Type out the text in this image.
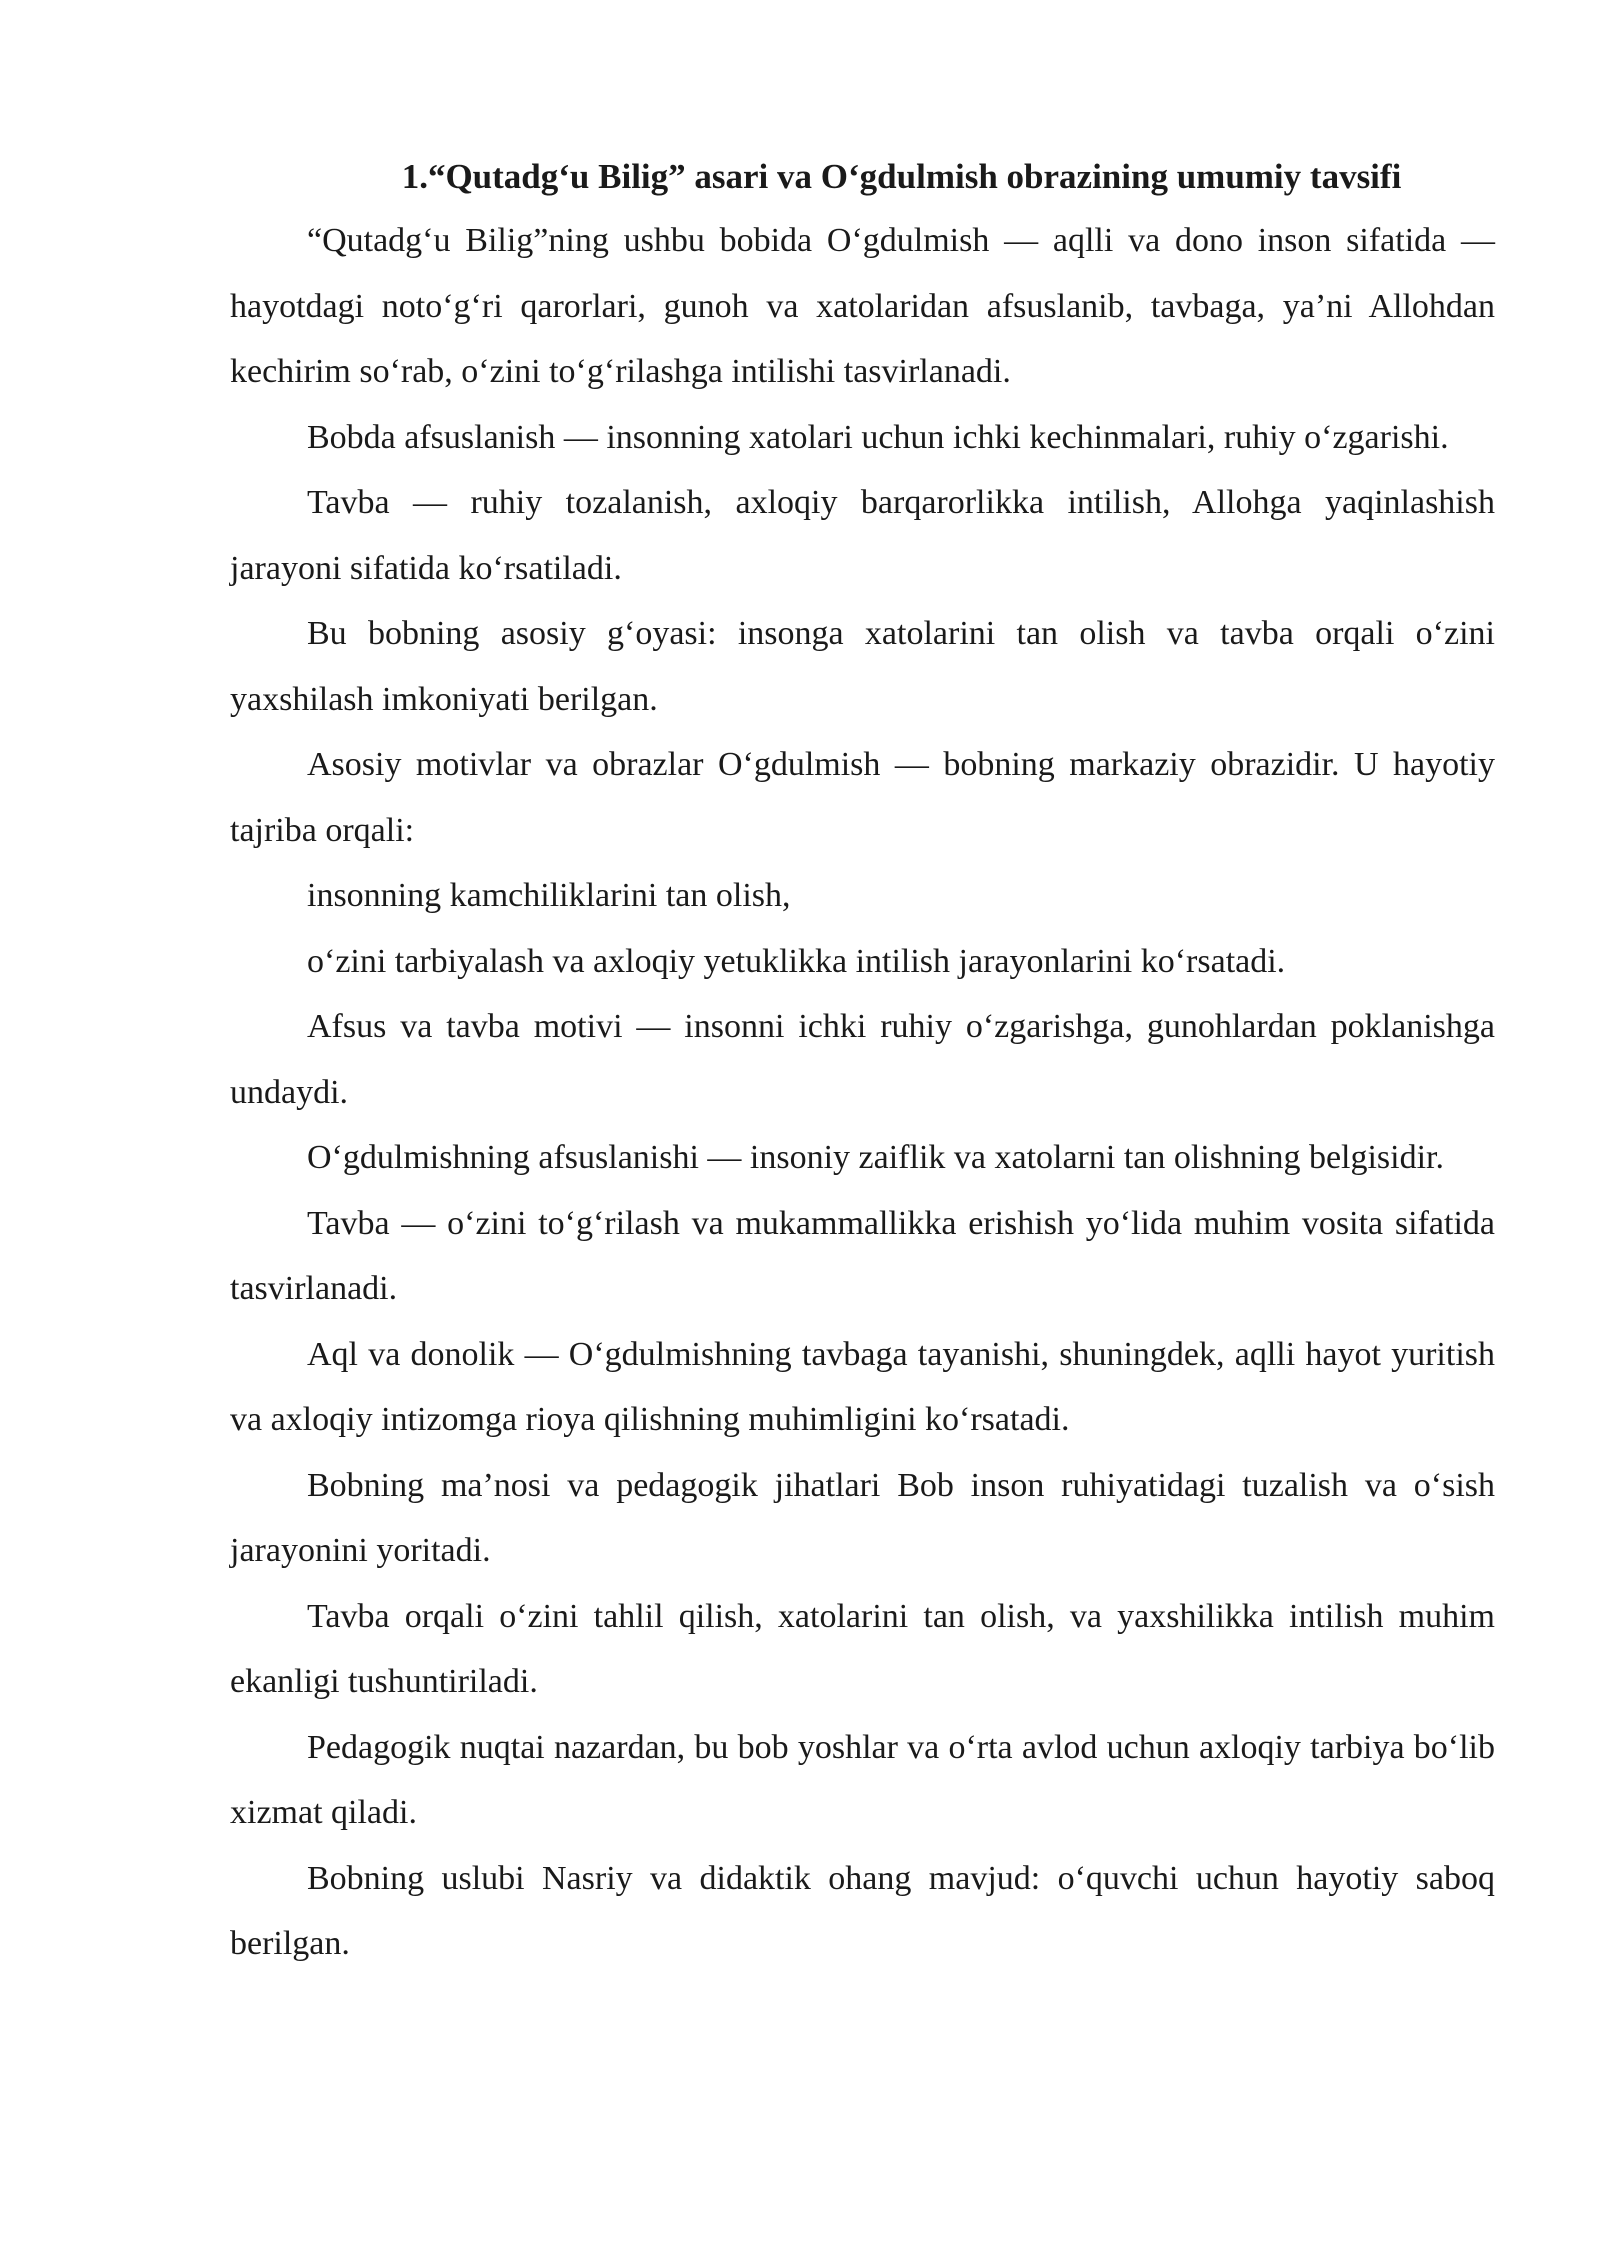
1.“Qutadg‘u Bilig” asari va O‘gdulmish obrazining umumiy tavsifi

“Qutadg‘u Bilig”ning ushbu bobida O‘gdulmish — aqlli va dono inson sifatida — hayotdagi noto‘g‘ri qarorlari, gunoh va xatolaridan afsuslanib, tavbaga, ya’ni Allohdan kechirim so‘rab, o‘zini to‘g‘rilashga intilishi tasvirlanadi.

Bobda afsuslanish — insonning xatolari uchun ichki kechinmalari, ruhiy o‘zgarishi.

Tavba — ruhiy tozalanish, axloqiy barqarorlikka intilish, Allohga yaqinlashish jarayoni sifatida ko‘rsatiladi.

Bu bobning asosiy g‘oyasi: insonga xatolarini tan olish va tavba orqali o‘zini yaxshilash imkoniyati berilgan.

Asosiy motivlar va obrazlar O‘gdulmish — bobning markaziy obrazidir. U hayotiy tajriba orqali:

insonning kamchiliklarini tan olish,

o‘zini tarbiyalash va axloqiy yetuklikka intilish jarayonlarini ko‘rsatadi.

Afsus va tavba motivi — insonni ichki ruhiy o‘zgarishga, gunohlardan poklanishga undaydi.

O‘gdulmishning afsuslanishi — insoniy zaiflik va xatolarni tan olishning belgisidir.

Tavba — o‘zini to‘g‘rilash va mukammallikka erishish yo‘lida muhim vosita sifatida tasvirlanadi.

Aql va donolik — O‘gdulmishning tavbaga tayanishi, shuningdek, aqlli hayot yuritish va axloqiy intizomga rioya qilishning muhimligini ko‘rsatadi.

Bobning ma’nosi va pedagogik jihatlari Bob inson ruhiyatidagi tuzalish va o‘sish jarayonini yoritadi.

Tavba orqali o‘zini tahlil qilish, xatolarini tan olish, va yaxshilikka intilish muhim ekanligi tushuntiriladi.

Pedagogik nuqtai nazardan, bu bob yoshlar va o‘rta avlod uchun axloqiy tarbiya bo‘lib xizmat qiladi.

Bobning uslubi Nasriy va didaktik ohang mavjud: o‘quvchi uchun hayotiy saboq berilgan.
